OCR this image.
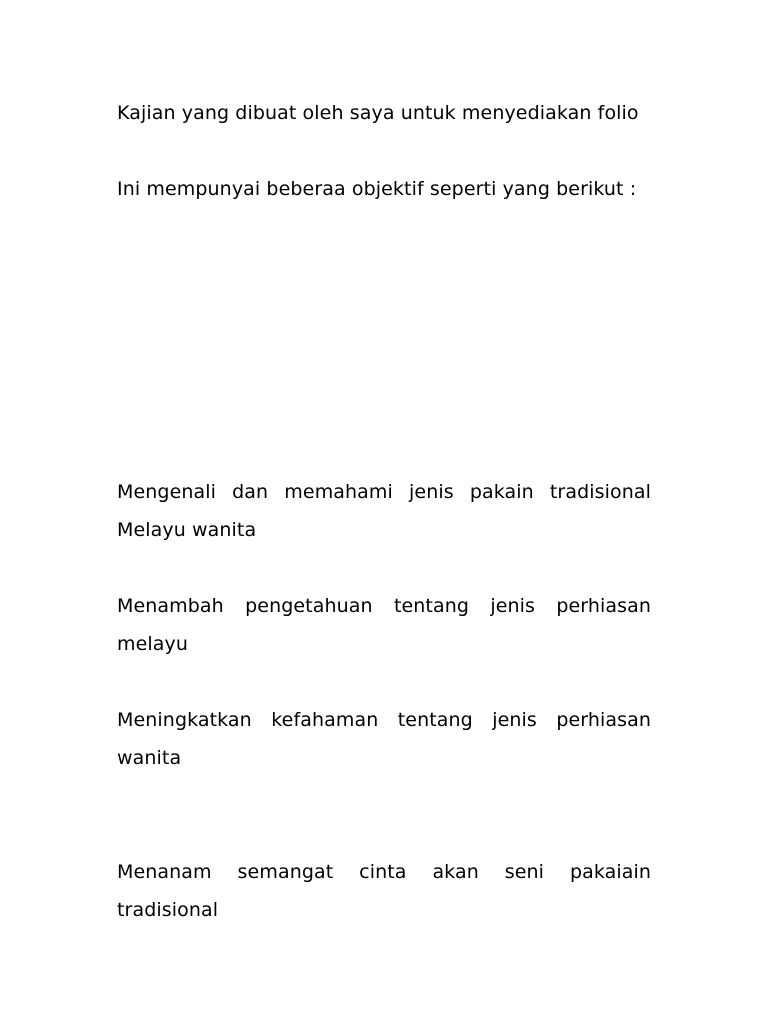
Kajian yang dibuat oleh saya untuk menyediakan folio

Ini mempunyai beberaa objektif seperti yang berikut :

Mengenali dan memahami jenis pakain tradisional Melayu wanita

Menambah pengetahuan tentang jenis perhiasan melayu

Meningkatkan kefahaman tentang jenis perhiasan wanita

Menanam semangat cinta akan seni pakaiain tradisional
